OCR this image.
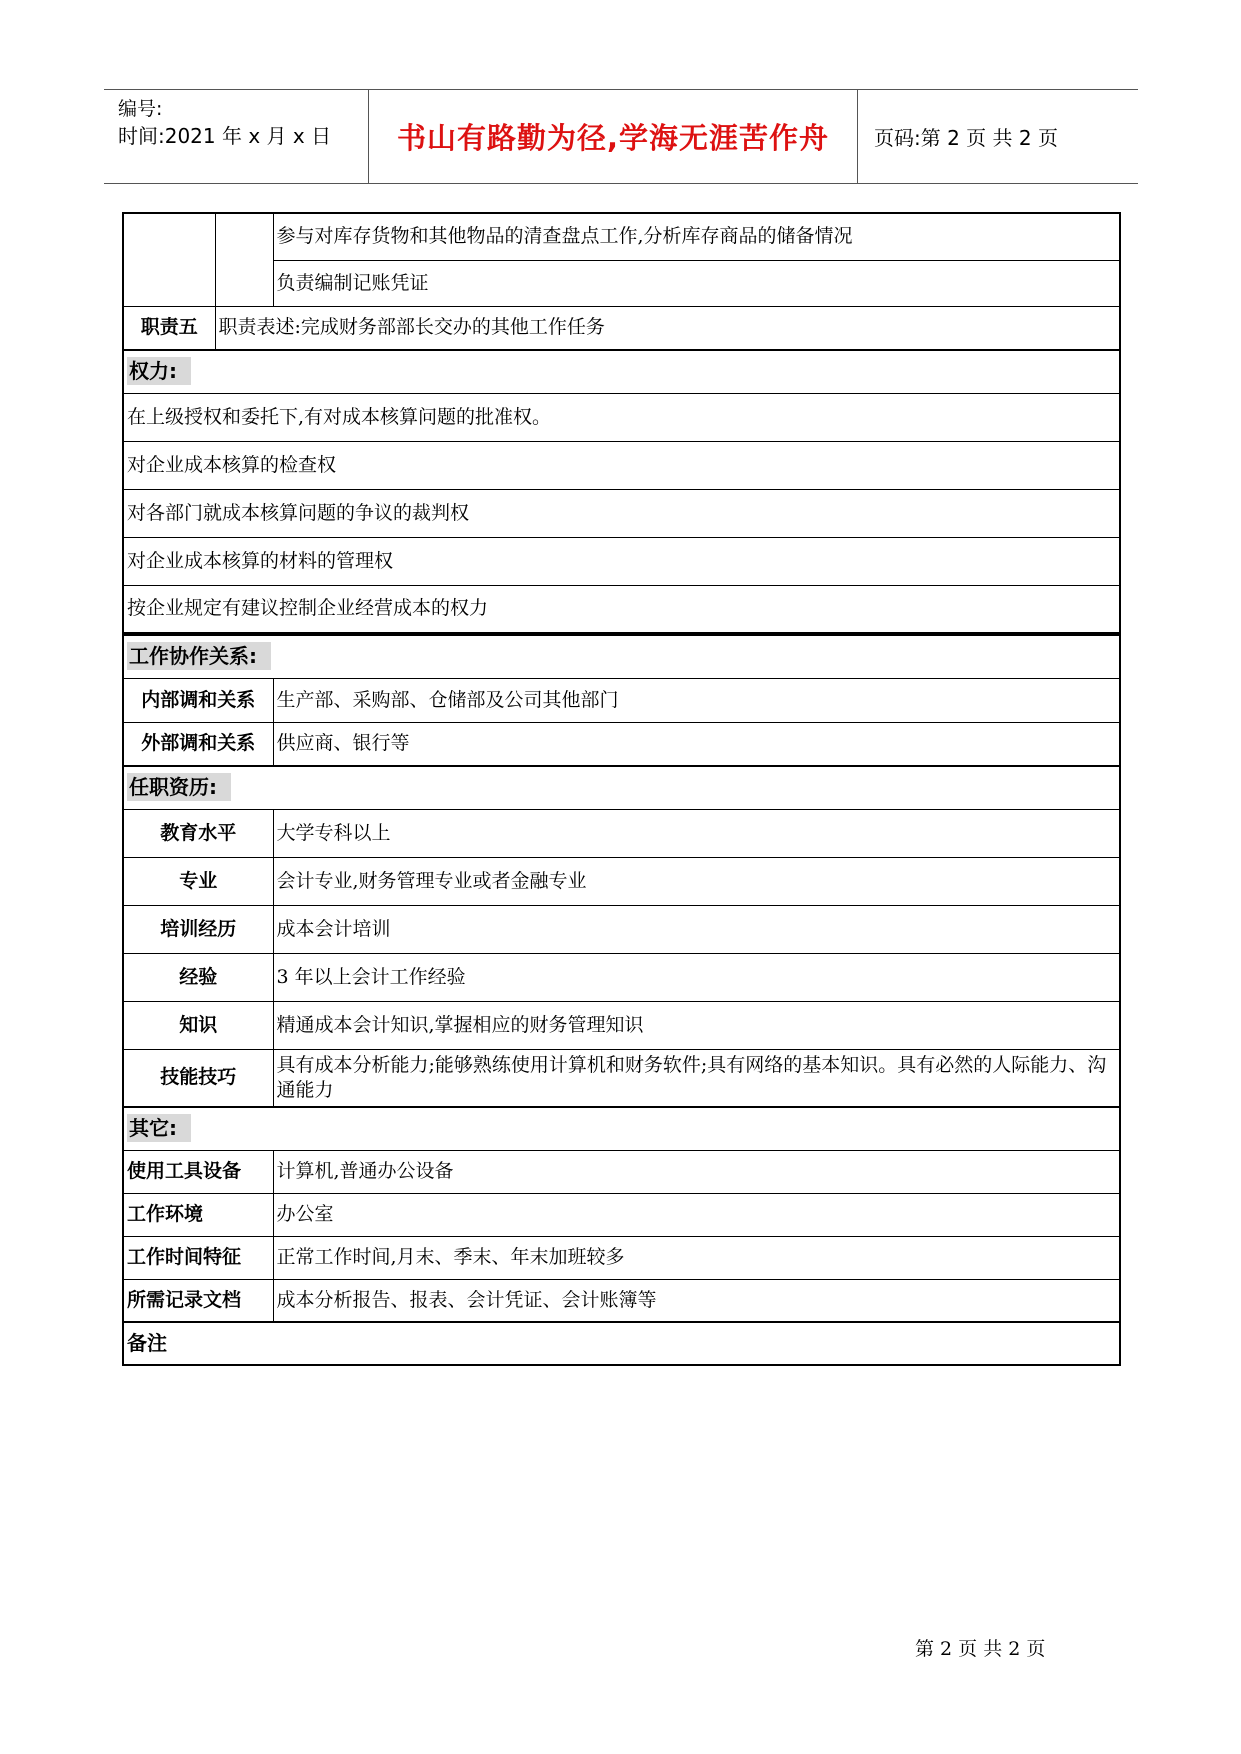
编号:
时间:2021 年 x 月 x 日 书山有路勤为径,学海无涯苦作舟 页码:第 2 页 共 2 页
		参与对库存货物和其他物品的清查盘点工作,分析库存商品的储备情况
		负责编制记账凭证
职责五	职责表述:完成财务部部长交办的其他工作任务	
权力:		
在上级授权和委托下,有对成本核算问题的批准权。		
对企业成本核算的检查权		
对各部门就成本核算问题的争议的裁判权		
对企业成本核算的材料的管理权		
按企业规定有建议控制企业经营成本的权力		
工作协作关系:	
内部调和关系	生产部、采购部、仓储部及公司其他部门
外部调和关系	供应商、银行等
任职资历:	
教育水平	大学专科以上
专业	会计专业,财务管理专业或者金融专业
培训经历	成本会计培训
经验	3 年以上会计工作经验
知识	精通成本会计知识,掌握相应的财务管理知识
技能技巧	具有成本分析能力;能够熟练使用计算机和财务软件;具有网络的基本知识。具有必然的人际能力、沟通能力
其它:	
使用工具设备	计算机,普通办公设备
工作环境	办公室
工作时间特征	正常工作时间,月末、季末、年末加班较多
所需记录文档	成本分析报告、报表、会计凭证、会计账簿等
备注	
第 2 页 共 2 页
